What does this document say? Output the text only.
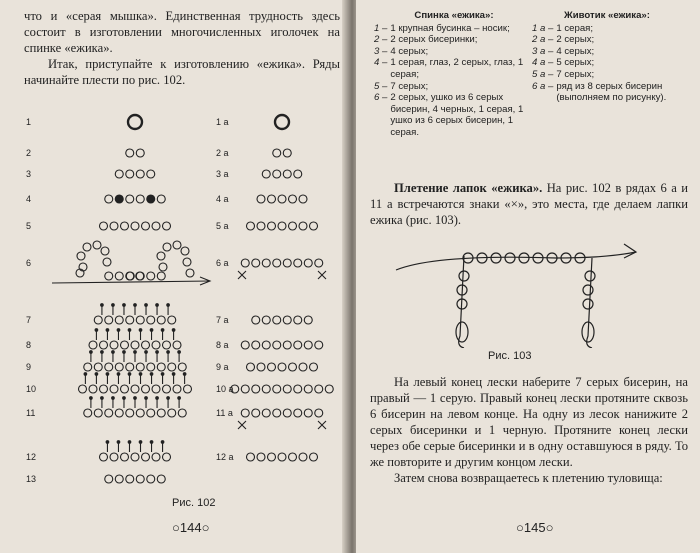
что и «серая мышка». Единственная трудность здесь состоит в изготовлении многочисленных иголочек на спинке «ежика».

Итак, приступайте к изготовлению «ежика». Ряды начинайте плести по рис. 102.

1
2
3
4
5
6
7
8
9
10
11
12
13
1 а
2 а
3 а
4 а
5 а
6 а
7 а
8 а
9 а
10 а
11 а
12 а
Рис. 102
○144○
Спинка «ежика»:
1 – 1 крупная бусинка – носик;
2 – 2 серых бисеринки;
3 – 4 серых;
4 – 1 серая, глаз, 2 серых, глаз, 1 серая;
5 – 7 серых;
6 – 2 серых, ушко из 6 серых бисерин, 4 черных, 1 серая, 1 ушко из 6 серых бисерин, 1 серая.
Животик «ежика»:
1 а – 1 серая;
2 а – 2 серых;
3 а – 4 серых;
4 а – 5 серых;
5 а – 7 серых;
6 а – ряд из 8 серых бисерин (выполняем по рисунку).

Плетение лапок «ежика». На рис. 102 в рядах 6 а и 11 а встречаются знаки «×», это места, где делаем лапки ежика (рис. 103).

Рис. 103

На левый конец лески наберите 7 серых бисерин, на правый — 1 серую. Правый конец лески протяните сквозь 6 бисерин на левом конце. На одну из лесок нанижите 2 серых бисеринки и 1 черную. Протяните конец лески через обе серые бисеринки и в одну оставшуюся в ряду. То же повторите и другим концом лески.

Затем снова возвращаетесь к плетению туловища:

○145○
